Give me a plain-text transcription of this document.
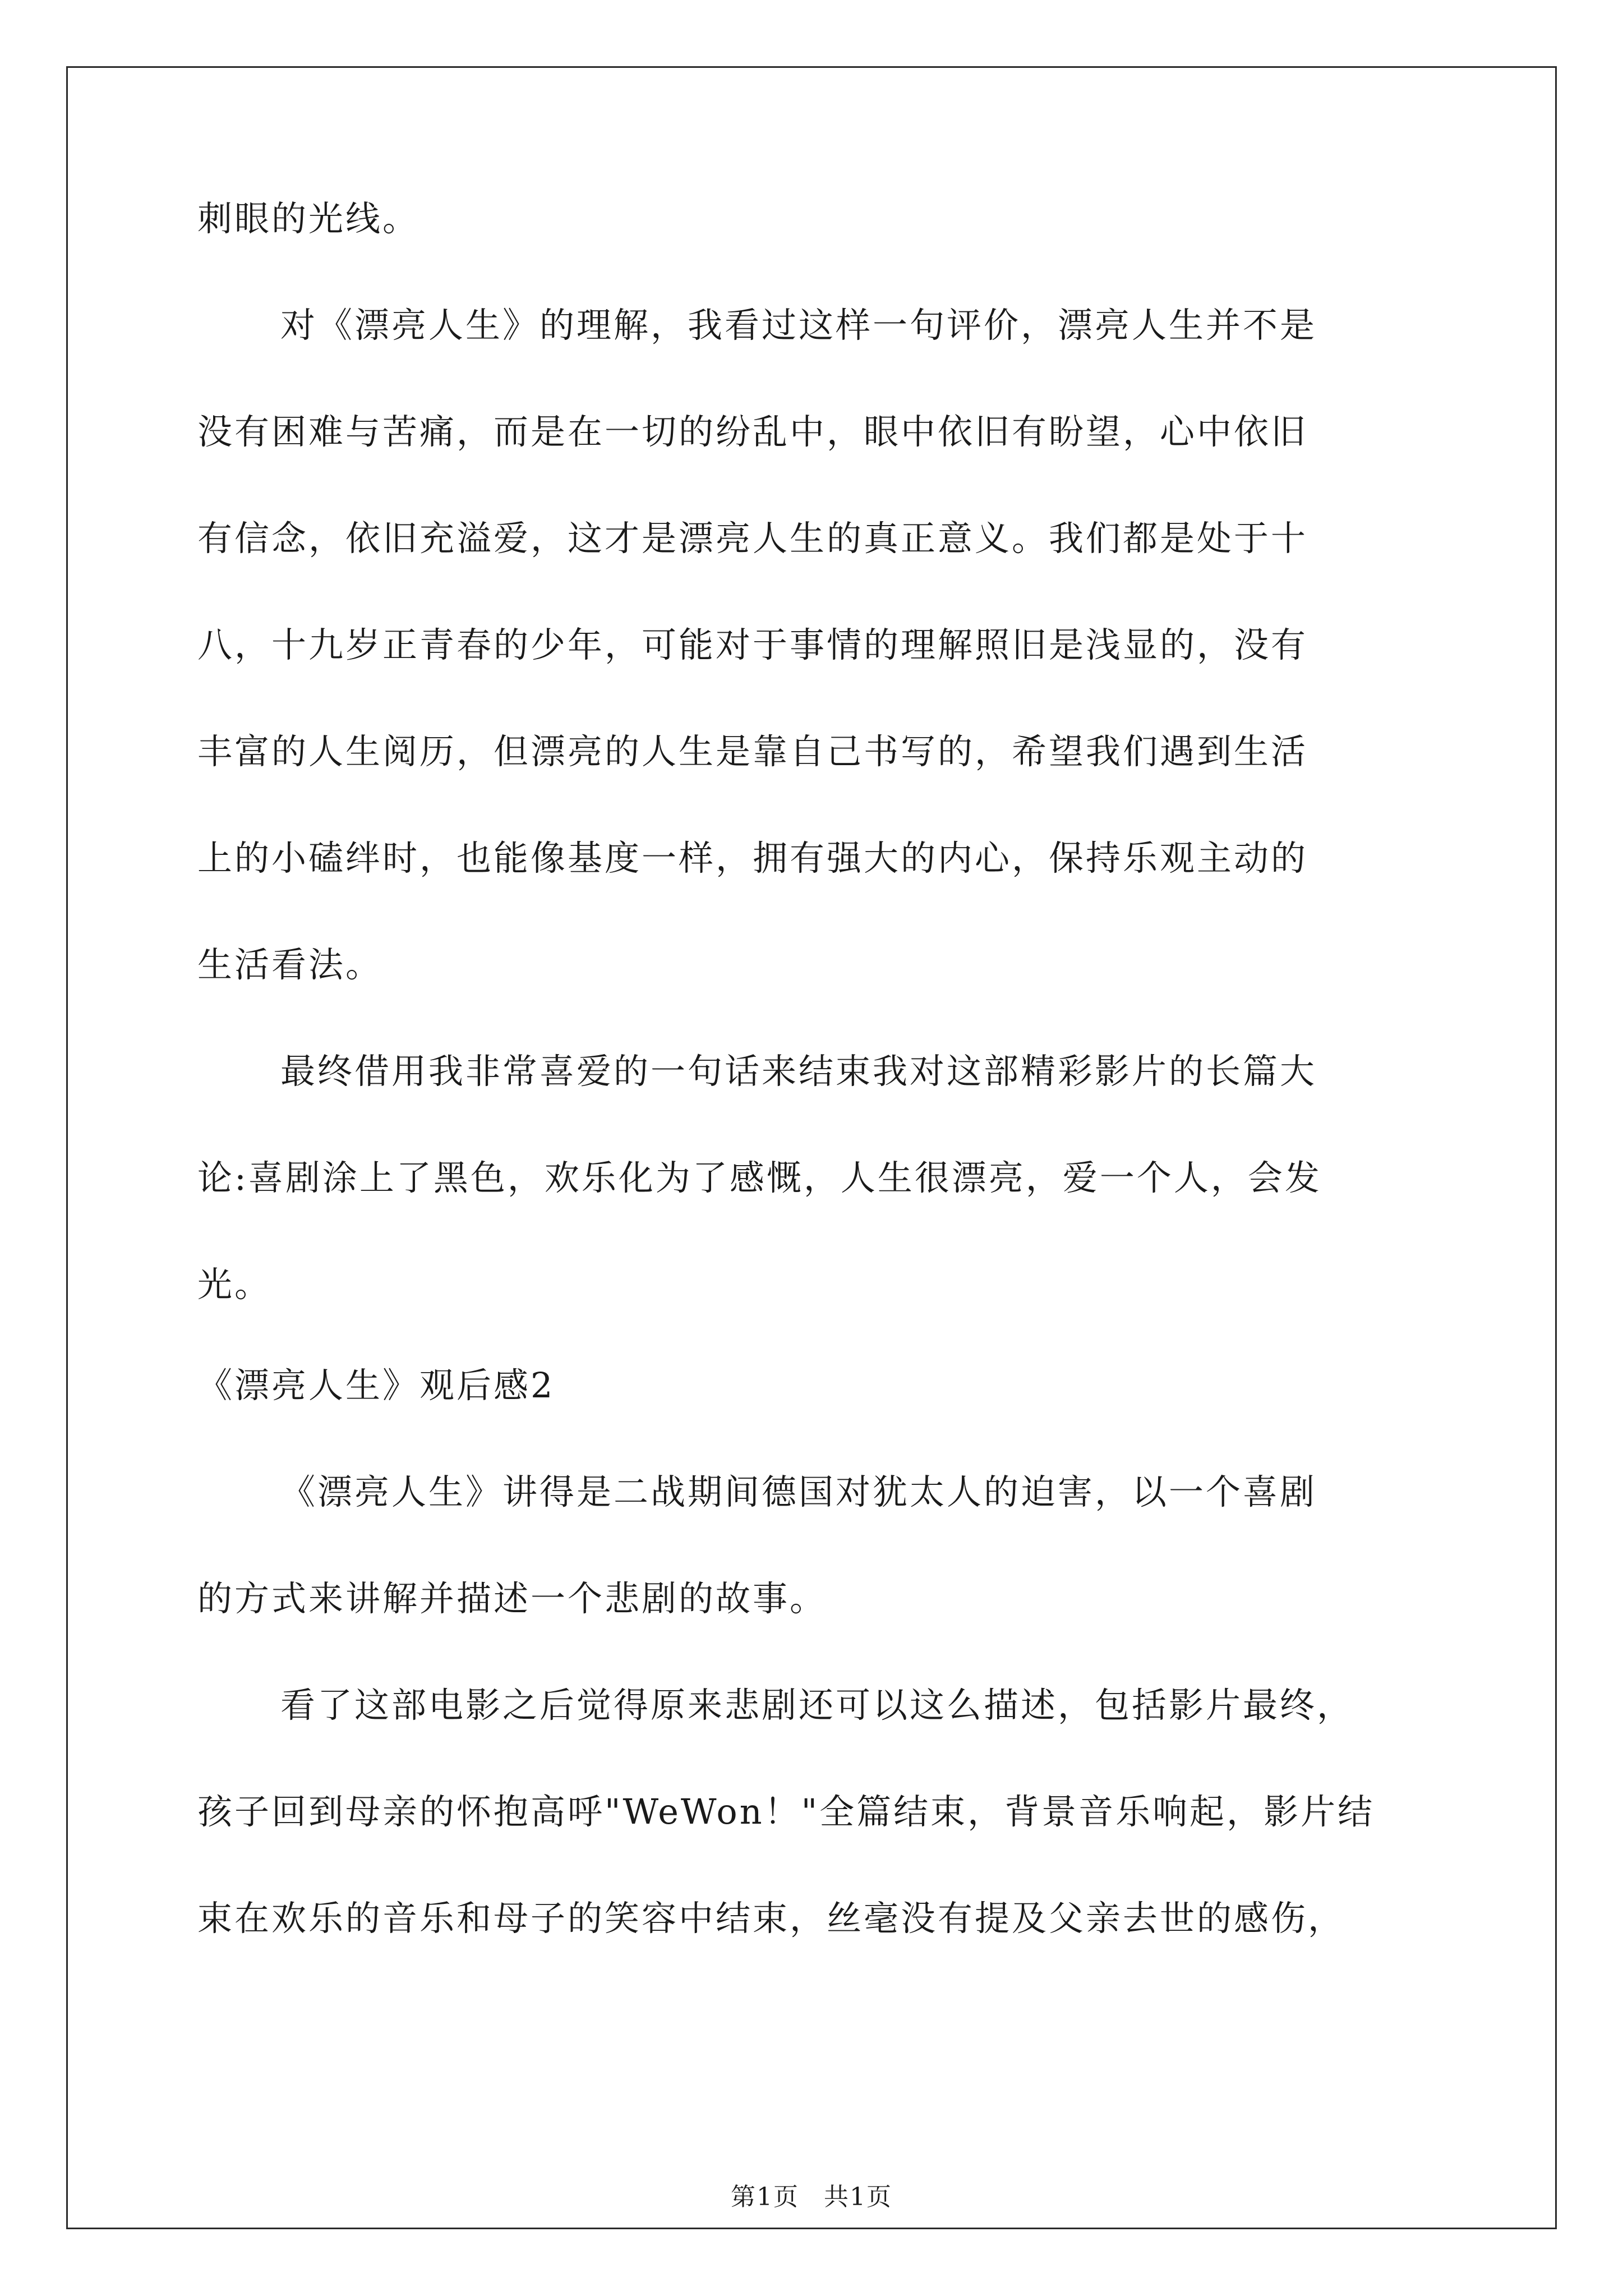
刺眼的光线。
对《漂亮人生》的理解，我看过这样一句评价，漂亮人生并不是
没有困难与苦痛，而是在一切的纷乱中，眼中依旧有盼望，心中依旧
有信念，依旧充溢爱，这才是漂亮人生的真正意义。我们都是处于十
八，十九岁正青春的少年，可能对于事情的理解照旧是浅显的，没有
丰富的人生阅历，但漂亮的人生是靠自己书写的，希望我们遇到生活
上的小磕绊时，也能像基度一样，拥有强大的内心，保持乐观主动的
生活看法。
最终借用我非常喜爱的一句话来结束我对这部精彩影片的长篇大
论:喜剧涂上了黑色，欢乐化为了感慨，人生很漂亮，爱一个人，会发
光。
《漂亮人生》观后感2
《漂亮人生》讲得是二战期间德国对犹太人的迫害，以一个喜剧
的方式来讲解并描述一个悲剧的故事。
看了这部电影之后觉得原来悲剧还可以这么描述，包括影片最终，
孩子回到母亲的怀抱高呼"WeWon！"全篇结束，背景音乐响起，影片结
束在欢乐的音乐和母子的笑容中结束，丝毫没有提及父亲去世的感伤，
第1页 共1页
